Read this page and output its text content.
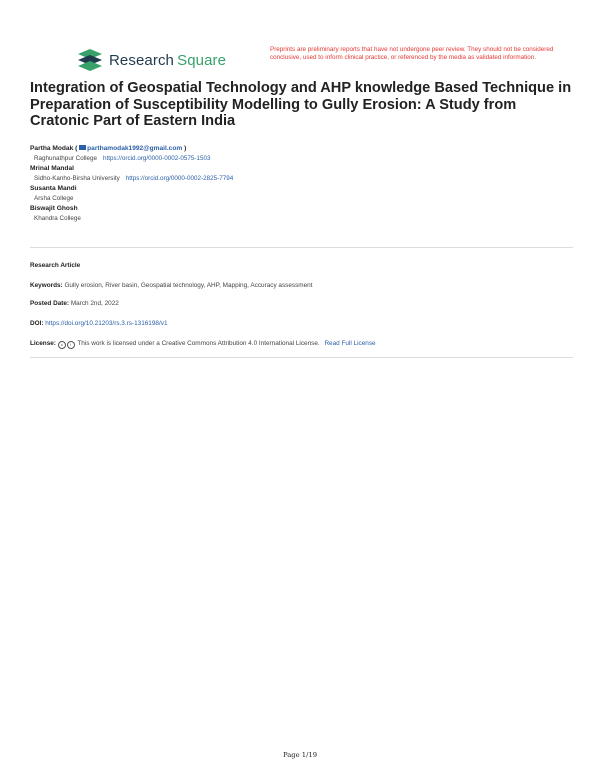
Research  Square
Preprints are preliminary reports that have not undergone peer review. They should not be considered conclusive, used to inform clinical practice, or referenced by the media as validated information.
Integration of Geospatial Technology and AHP knowledge Based Technique in Preparation of Susceptibility Modelling to Gully Erosion: A Study from Cratonic Part of Eastern India
Partha Modak ( parthamodak1992@gmail.com )
Raghunathpur College https://orcid.org/0000-0002-0575-1503
Mrinal Mandal
Sidho-Kanho-Birsha University https://orcid.org/0000-0002-2825-7794
Susanta Mandi
Arsha College
Biswajit Ghosh
Khandra College
Research Article
Keywords: Gully erosion, River basin, Geospatial technology, AHP, Mapping, Accuracy assessment
Posted Date: March 2nd, 2022
DOI: https://doi.org/10.21203/rs.3.rs-1316198/v1
License: c i This work is licensed under a Creative Commons Attribution 4.0 International License. Read Full License
Page 1/19
